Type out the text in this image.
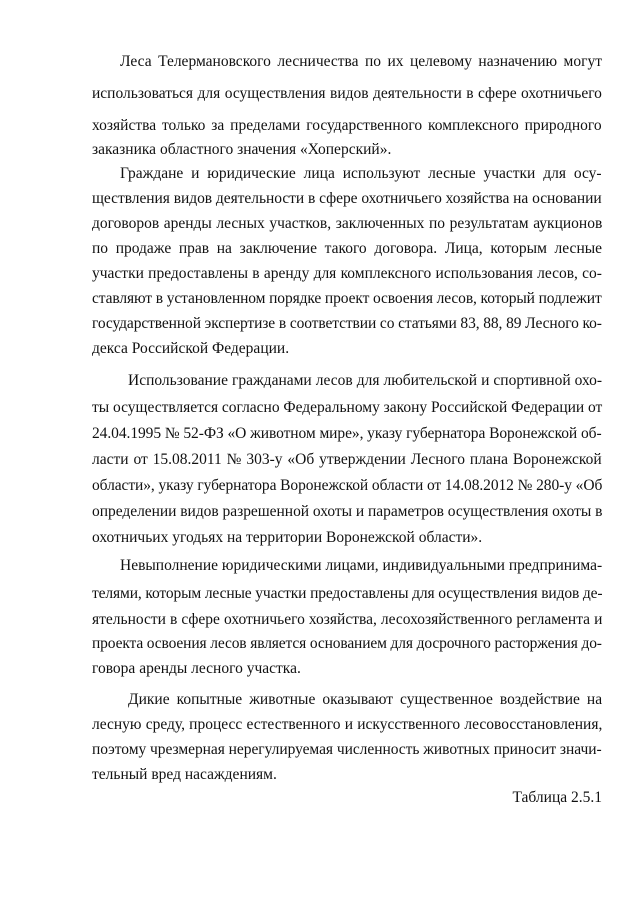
Леса Телермановского лесничества по их целевому назначению могут
использоваться для осуществления видов деятельности в сфере охотничьего
хозяйства только за пределами государственного комплексного природного
заказника областного значения «Хоперский».
Граждане и юридические лица используют лесные участки для осу-
ществления видов деятельности в сфере охотничьего хозяйства на основании
договоров аренды лесных участков, заключенных по результатам аукционов
по продаже прав на заключение такого договора. Лица, которым лесные
участки предоставлены в аренду для комплексного использования лесов, со-
ставляют в установленном порядке проект освоения лесов, который подлежит
государственной экспертизе в соответствии со статьями 83, 88, 89 Лесного ко-
декса Российской Федерации.
Использование гражданами лесов для любительской и спортивной охо-
ты осуществляется согласно Федеральному закону Российской Федерации от
24.04.1995 № 52-ФЗ «О животном мире», указу губернатора Воронежской об-
ласти от 15.08.2011 № 303-у «Об утверждении Лесного плана Воронежской
области», указу губернатора Воронежской области от 14.08.2012 № 280-у «Об
определении видов разрешенной охоты и параметров осуществления охоты в
охотничьих угодьях на территории Воронежской области».
Невыполнение юридическими лицами, индивидуальными предпринима-
телями, которым лесные участки предоставлены для осуществления видов де-
ятельности в сфере охотничьего хозяйства, лесохозяйственного регламента и
проекта освоения лесов является основанием для досрочного расторжения до-
говора аренды лесного участка.
Дикие копытные животные оказывают существенное воздействие на
лесную среду, процесс естественного и искусственного лесовосстановления,
поэтому чрезмерная нерегулируемая численность животных приносит значи-
тельный вред насаждениям.
Таблица 2.5.1
